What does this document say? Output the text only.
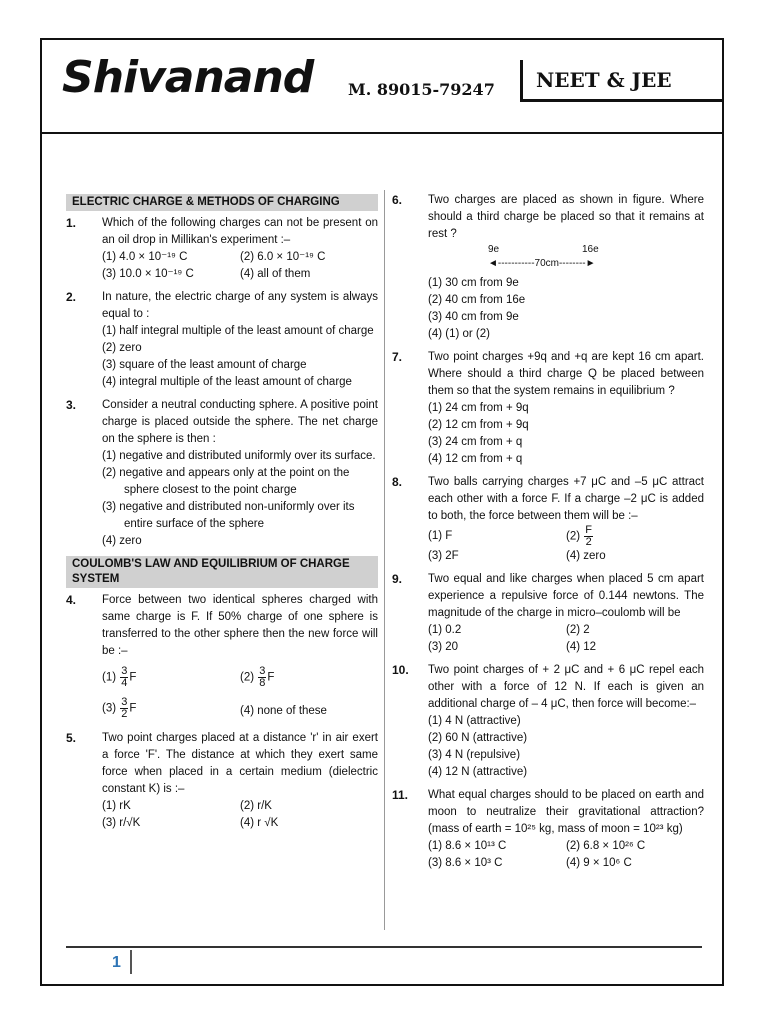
Shivanand M. 89015-79247 NEET & JEE
ELECTRIC CHARGE & METHODS OF CHARGING
1. Which of the following charges can not be present on an oil drop in Millikan's experiment :–
(1) 4.0 × 10⁻¹⁹ C	(2) 6.0 × 10⁻¹⁹ C
(3) 10.0 × 10⁻¹⁹ C	(4) all of them
2. In nature, the electric charge of any system is always equal to :
(1) half integral multiple of the least amount of charge
(2) zero
(3) square of the least amount of charge
(4) integral multiple of the least amount of charge
3. Consider a neutral conducting sphere. A positive point charge is placed outside the sphere. The net charge on the sphere is then :
(1) negative and distributed uniformly over its surface.
(2) negative and appears only at the point on the sphere closest to the point charge
(3) negative and distributed non-uniformly over its entire surface of the sphere
(4) zero
COULOMB'S LAW AND EQUILIBRIUM OF CHARGE SYSTEM
4. Force between two identical spheres charged with same charge is F. If 50% charge of one sphere is transferred to the other sphere then the new force will be :–
$(1) \frac{3}{4}$ F	$(2) \frac{3}{8}$ F
$(3) \frac{3}{2}$ F	(4) none of these
5. Two point charges placed at a distance 'r' in air exert a force 'F'. The distance at which they exert same force when placed in a certain medium (dielectric constant K) is :–
(1) rK	(2) r/K
(3) r/√K	(4) r √K
6. Two charges are placed as shown in figure. Where should a third charge be placed so that it remains at rest ?
9e	16e
◄-----------70cm--------►
(1) 30 cm from 9e
(2) 40 cm from 16e
(3) 40 cm from 9e
(4) (1) or (2)
7. Two point charges +9q and +q are kept 16 cm apart. Where should a third charge Q be placed between them so that the system remains in equilibrium ?
(1) 24 cm from + 9q
(2) 12 cm from + 9q
(3) 24 cm from + q
(4) 12 cm from + q
8. Two balls carrying charges +7 μC and –5 μC attract each other with a force F. If a charge –2 μC is added to both, the force between them will be :–
(1) F	$(2) \frac{F}{2}$
(3) 2F	(4) zero
9. Two equal and like charges when placed 5 cm apart experience a repulsive force of 0.144 newtons. The magnitude of the charge in micro–coulomb will be
(1) 0.2	(2) 2
(3) 20	(4) 12
10. Two point charges of + 2 μC and + 6 μC repel each other with a force of 12 N. If each is given an additional charge of – 4 μC, then force will become:–
(1) 4 N (attractive)
(2) 60 N (attractive)
(3) 4 N (repulsive)
(4) 12 N (attractive)
11. What equal charges should to be placed on earth and moon to neutralize their gravitational attraction? (mass of earth = 10²⁵ kg, mass of moon = 10²³ kg)
(1) 8.6 × 10¹³ C	(2) 6.8 × 10²⁶ C
(3) 8.6 × 10³ C	(4) 9 × 10⁶ C
1
